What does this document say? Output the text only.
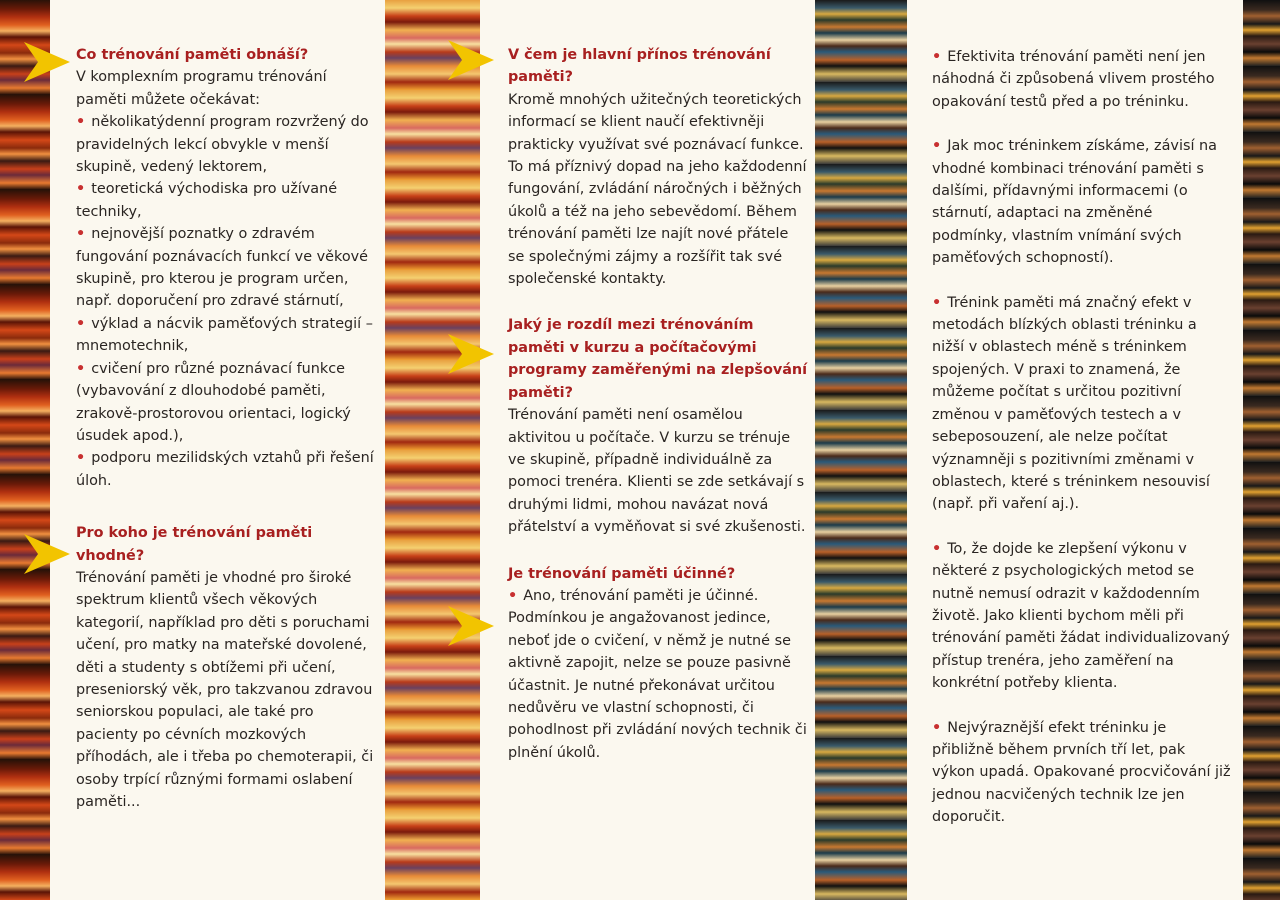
Co trénování paměti obnáší?
V komplexním programu trénování paměti můžete očekávat:
• několikatýdenní program rozvržený do pravidelných lekcí obvykle v menší skupině, vedený lektorem,
• teoretická východiska pro užívané techniky,
• nejnovější poznatky o zdravém fungování poznávacích funkcí ve věkové skupině, pro kterou je program určen, např. doporučení pro zdravé stárnutí,
• výklad a nácvik paměťových strategií – mnemotechnik,
• cvičení pro různé poznávací funkce (vybavování z dlouhodobé paměti, zrakově-prostorovou orientaci, logický úsudek apod.),
• podporu mezilidských vztahů při řešení úloh.
Pro koho je trénování paměti vhodné?
Trénování paměti je vhodné pro široké spektrum klientů všech věkových kategorií, například pro děti s poruchami učení, pro matky na mateřské dovolené, děti a studenty s obtížemi při učení, preseniorský věk, pro takzvanou zdravou seniorskou populaci, ale také pro pacienty po cévních mozkových příhodách, ale i třeba po chemoterapii, či osoby trpící různými formami oslabení paměti...
V čem je hlavní přínos trénování paměti?
Kromě mnohých užitečných teoretických informací se klient naučí efektivněji prakticky využívat své poznávací funkce. To má příznivý dopad na jeho každodenní fungování, zvládání náročných i běžných úkolů a též na jeho sebevědomí. Během trénování paměti lze najít nové přátele se společnými zájmy a rozšířit tak své společenské kontakty.
Jaký je rozdíl mezi trénováním paměti v kurzu a počítačovými programy zaměřenými na zlepšování paměti?
Trénování paměti není osamělou aktivitou u počítače. V kurzu se trénuje ve skupině, případně individuálně za pomoci trenéra. Klienti se zde setkávají s druhými lidmi, mohou navázat nová přátelství a vyměňovat si své zkušenosti.
Je trénování paměti účinné?
• Ano, trénování paměti je účinné. Podmínkou je angažovanost jedince, neboť jde o cvičení, v němž je nutné se aktivně zapojit, nelze se pouze pasivně účastnit. Je nutné překonávat určitou nedůvěru ve vlastní schopnosti, či pohodlnost při zvládání nových technik či plnění úkolů.
• Efektivita trénování paměti není jen náhodná či způsobená vlivem prostého opakování testů před a po tréninku.
• Jak moc tréninkem získáme, závisí na vhodné kombinaci trénování paměti s dalšími, přídavnými informacemi (o stárnutí, adaptaci na změněné podmínky, vlastním vnímání svých paměťových schopností).
• Trénink paměti má značný efekt v metodách blízkých oblasti tréninku a nižší v oblastech méně s tréninkem spojených. V praxi to znamená, že můžeme počítat s určitou pozitivní změnou v paměťových testech a v sebeposouzení, ale nelze počítat významněji s pozitivními změnami v oblastech, které s tréninkem nesouvisí (např. při vaření aj.).
• To, že dojde ke zlepšení výkonu v některé z psychologických metod se nutně nemusí odrazit v každodenním životě. Jako klienti bychom měli při trénování paměti žádat individualizovaný přístup trenéra, jeho zaměření na konkrétní potřeby klienta.
• Nejvýraznější efekt tréninku je přibližně během prvních tří let, pak výkon upadá. Opakované procvičování již jednou nacvičených technik lze jen doporučit.
